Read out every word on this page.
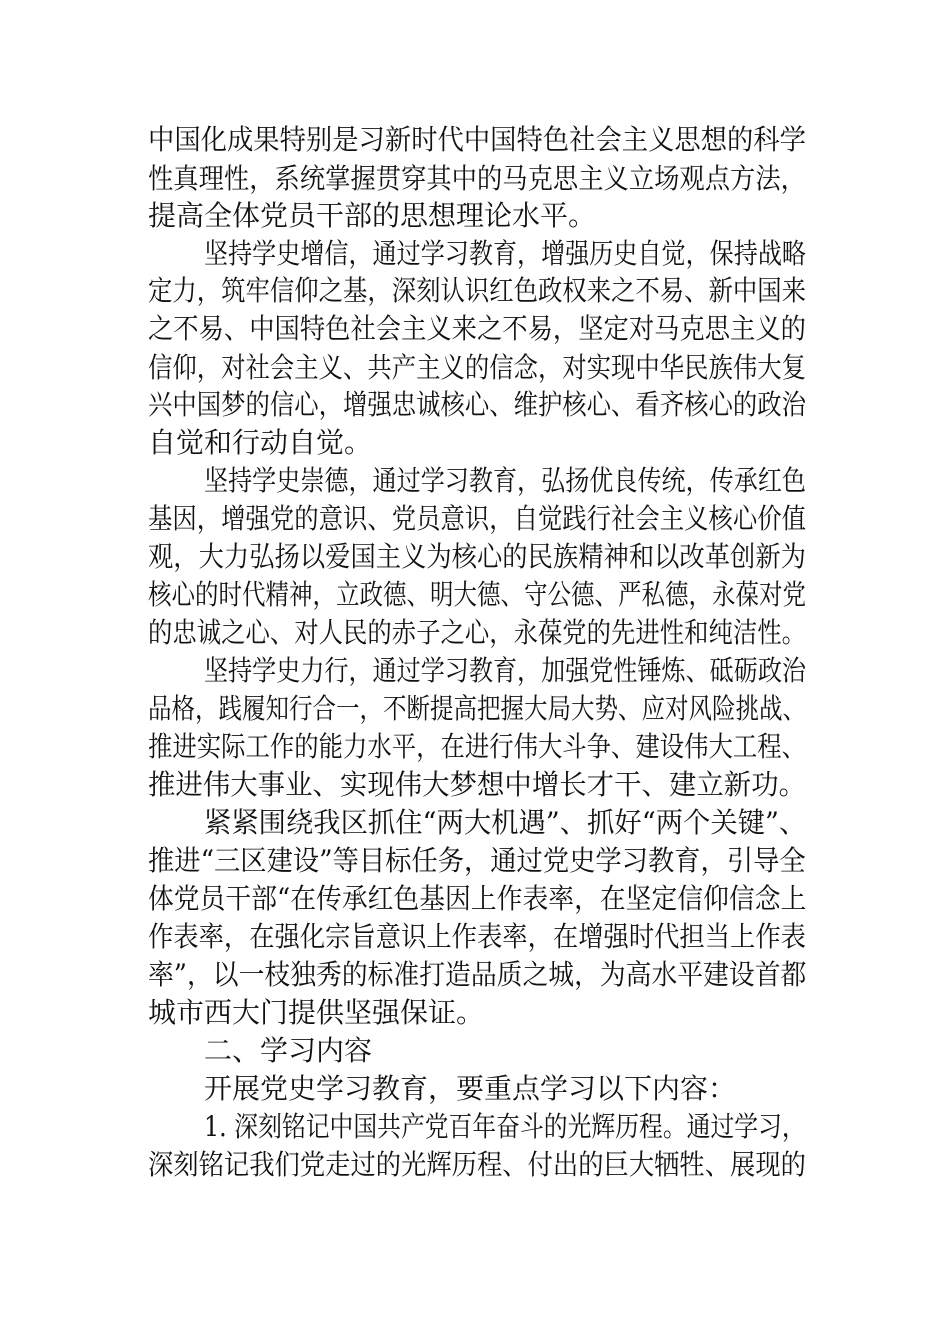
中国化成果特别是习新时代中国特色社会主义思想的科学
性真理性，系统掌握贯穿其中的马克思主义立场观点方法，
提高全体党员干部的思想理论水平。
坚持学史增信，通过学习教育，增强历史自觉，保持战略
定力，筑牢信仰之基，深刻认识红色政权来之不易、新中国来
之不易、中国特色社会主义来之不易，坚定对马克思主义的
信仰，对社会主义、共产主义的信念，对实现中华民族伟大复
兴中国梦的信心，增强忠诚核心、维护核心、看齐核心的政治
自觉和行动自觉。
坚持学史崇德，通过学习教育，弘扬优良传统，传承红色
基因，增强党的意识、党员意识，自觉践行社会主义核心价值
观，大力弘扬以爱国主义为核心的民族精神和以改革创新为
核心的时代精神，立政德、明大德、守公德、严私德，永葆对党
的忠诚之心、对人民的赤子之心，永葆党的先进性和纯洁性。
坚持学史力行，通过学习教育，加强党性锤炼、砥砺政治
品格，践履知行合一，不断提高把握大局大势、应对风险挑战、
推进实际工作的能力水平，在进行伟大斗争、建设伟大工程、
推进伟大事业、实现伟大梦想中增长才干、建立新功。
紧紧围绕我区抓住“两大机遇”、抓好“两个关键”、
推进“三区建设”等目标任务，通过党史学习教育，引导全
体党员干部“在传承红色基因上作表率，在坚定信仰信念上
作表率，在强化宗旨意识上作表率，在增强时代担当上作表
率”，以一枝独秀的标准打造品质之城，为高水平建设首都
城市西大门提供坚强保证。
二、学习内容
开展党史学习教育，要重点学习以下内容：
1. 深刻铭记中国共产党百年奋斗的光辉历程。通过学习，
深刻铭记我们党走过的光辉历程、付出的巨大牺牲、展现的
